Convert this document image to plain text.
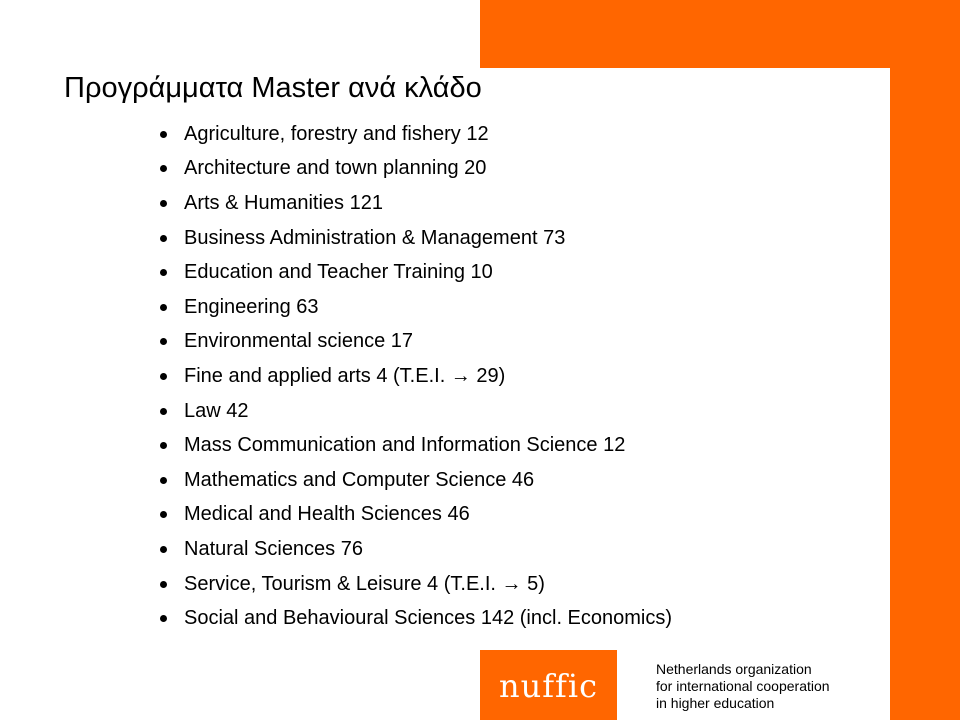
Προγράμματα Master ανά κλάδο
Agriculture, forestry and fishery 12
Architecture and town planning 20
Arts & Humanities 121
Business Administration & Management 73
Education and Teacher Training 10
Engineering 63
Environmental science 17
Fine and applied arts 4 (T.E.I. → 29)
Law 42
Mass Communication and Information Science 12
Mathematics and Computer Science 46
Medical and Health Sciences 46
Natural Sciences 76
Service, Tourism & Leisure 4 (T.E.I. → 5)
Social and Behavioural Sciences 142 (incl. Economics)
nuffic	Netherlands organization
for international cooperation
in higher education
